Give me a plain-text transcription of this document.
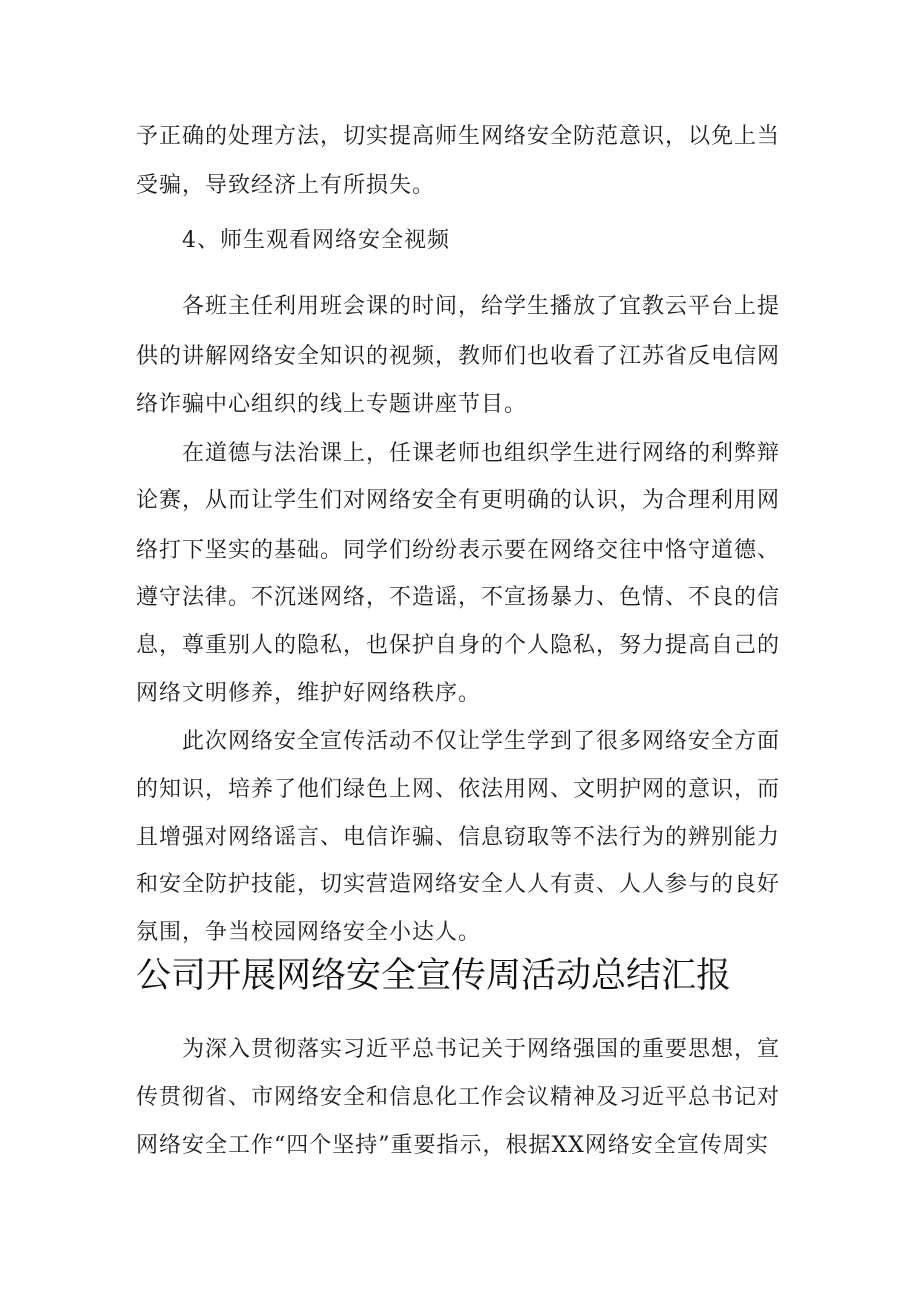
予正确的处理方法，切实提高师生网络安全防范意识，以免上当
受骗，导致经济上有所损失。
4、师生观看网络安全视频
各班主任利用班会课的时间，给学生播放了宜教云平台上提
供的讲解网络安全知识的视频，教师们也收看了江苏省反电信网
络诈骗中心组织的线上专题讲座节目。
在道德与法治课上，任课老师也组织学生进行网络的利弊辩
论赛，从而让学生们对网络安全有更明确的认识，为合理利用网
络打下坚实的基础。同学们纷纷表示要在网络交往中恪守道德、
遵守法律。不沉迷网络，不造谣，不宣扬暴力、色情、不良的信
息，尊重别人的隐私，也保护自身的个人隐私，努力提高自己的
网络文明修养，维护好网络秩序。
此次网络安全宣传活动不仅让学生学到了很多网络安全方面
的知识，培养了他们绿色上网、依法用网、文明护网的意识，而
且增强对网络谣言、电信诈骗、信息窃取等不法行为的辨别能力
和安全防护技能，切实营造网络安全人人有责、人人参与的良好
氛围，争当校园网络安全小达人。
公司开展网络安全宣传周活动总结汇报
为深入贯彻落实习近平总书记关于网络强国的重要思想，宣
传贯彻省、市网络安全和信息化工作会议精神及习近平总书记对
网络安全工作“四个坚持”重要指示，根据XX网络安全宣传周实
